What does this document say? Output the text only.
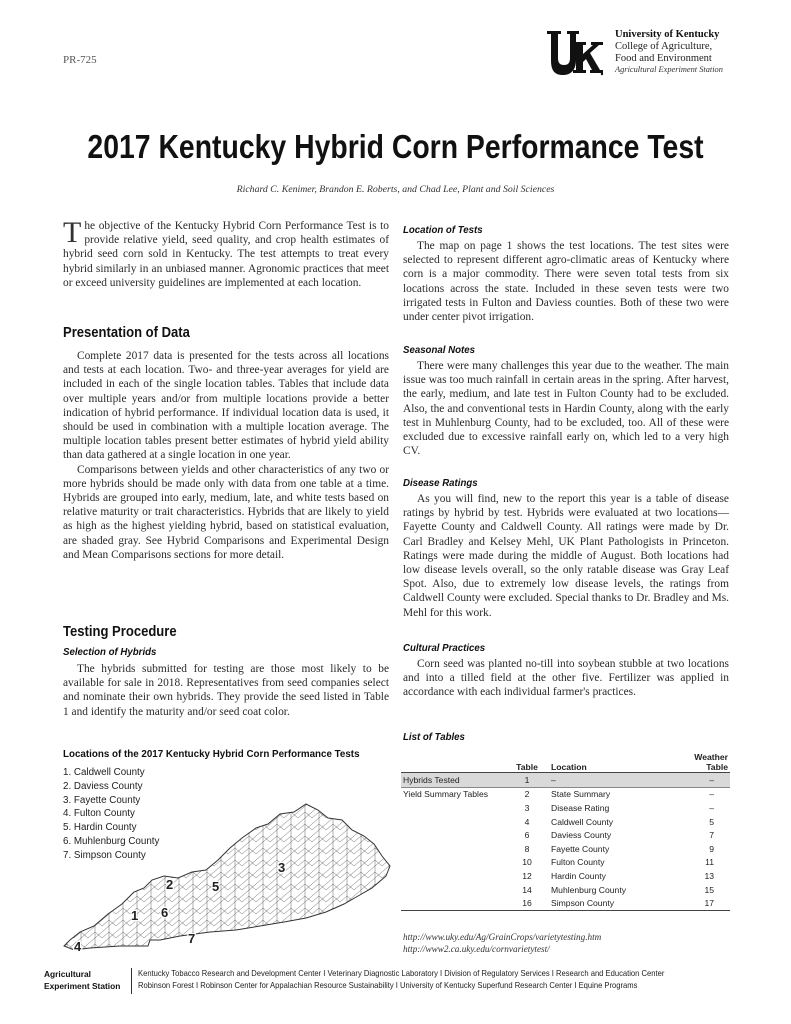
PR-725
University of Kentucky
College of Agriculture,
Food and Environment
Agricultural Experiment Station
2017 Kentucky Hybrid Corn Performance Test
Richard C. Kenimer, Brandon E. Roberts, and Chad Lee, Plant and Soil Sciences

The objective of the Kentucky Hybrid Corn Performance Test is to provide relative yield, seed quality, and crop health estimates of hybrid seed corn sold in Kentucky. The test attempts to treat every hybrid similarly in an unbiased manner. Agronomic practices that meet or exceed university guidelines are implemented at each location.

Presentation of Data

Complete 2017 data is presented for the tests across all locations and tests at each location. Two- and three-year averages for yield are included in each of the single location tables. Tables that include data over multiple years and/or from multiple locations provide a better indication of hybrid performance. If individual location data is used, it should be used in combination with a multiple location average. The multiple location tables present better estimates of hybrid yield ability than data gathered at a single location in one year.

Comparisons between yields and other characteristics of any two or more hybrids should be made only with data from one table at a time. Hybrids are grouped into early, medium, late, and white tests based on relative maturity or trait characteristics. Hybrids that are likely to yield as high as the highest yielding hybrid, based on statistical evaluation, are shaded gray. See Hybrid Comparisons and Experimental Design and Mean Comparisons sections for more detail.

Testing Procedure
Selection of Hybrids

The hybrids submitted for testing are those most likely to be available for sale in 2018. Representatives from seed companies select and nominate their own hybrids. They provide the seed listed in Table 1 and identify the maturity and/or seed coat color.

Location of Tests

The map on page 1 shows the test locations. The test sites were selected to represent different agro-climatic areas of Kentucky where corn is a major commodity. There were seven total tests from six locations across the state. Included in these seven tests were two irrigated tests in Fulton and Daviess counties. Both of these two were under center pivot irrigation.

Seasonal Notes

There were many challenges this year due to the weather. The main issue was too much rainfall in certain areas in the spring. After harvest, the early, medium, and late test in Fulton County had to be excluded. Also, the and conventional tests in Hardin County, along with the early test in Muhlenburg County, had to be excluded, too. All of these were excluded due to excessive rainfall early on, which led to a very high CV.

Disease Ratings

As you will find, new to the report this year is a table of disease ratings by hybrid by test. Hybrids were evaluated at two locations—Fayette County and Caldwell County. All ratings were made by Dr. Carl Bradley and Kelsey Mehl, UK Plant Pathologists in Princeton. Ratings were made during the middle of August. Both locations had low disease levels overall, so the only ratable disease was Gray Leaf Spot. Also, due to extremely low disease levels, the ratings from Caldwell County were excluded. Special thanks to Dr. Bradley and Ms. Mehl for this work.

Cultural Practices

Corn seed was planted no-till into soybean stubble at two locations and into a tilled field at the other five. Fertilizer was applied in accordance with each individual farmer's practices.

Locations of the 2017 Kentucky Hybrid Corn Performance Tests
1. Caldwell County
2. Daviess County
3. Fayette County
4. Fulton County
5. Hardin County
6. Muhlenburg County
7. Simpson County
1
2
3
4
5
6
7
List of Tables
	Table	Location	Weather
Table

Hybrids Tested	1	–	–
Yield Summary Tables	2	State Summary	–
	3	Disease Rating	–
	4	Caldwell County	5
	6	Daviess County	7
	8	Fayette County	9
	10	Fulton County	11
	12	Hardin County	13
	14	Muhlenburg County	15
	16	Simpson County	17
http://www.uky.edu/Ag/GrainCrops/varietytesting.htm
http://www2.ca.uky.edu/cornvarietytest/
Agricultural
Experiment Station
Kentucky Tobacco Research and Development Center I Veterinary Diagnostic Laboratory I Division of Regulatory Services I Research and Education Center
Robinson Forest I Robinson Center for Appalachian Resource Sustainability I University of Kentucky Superfund Research Center I Equine Programs
